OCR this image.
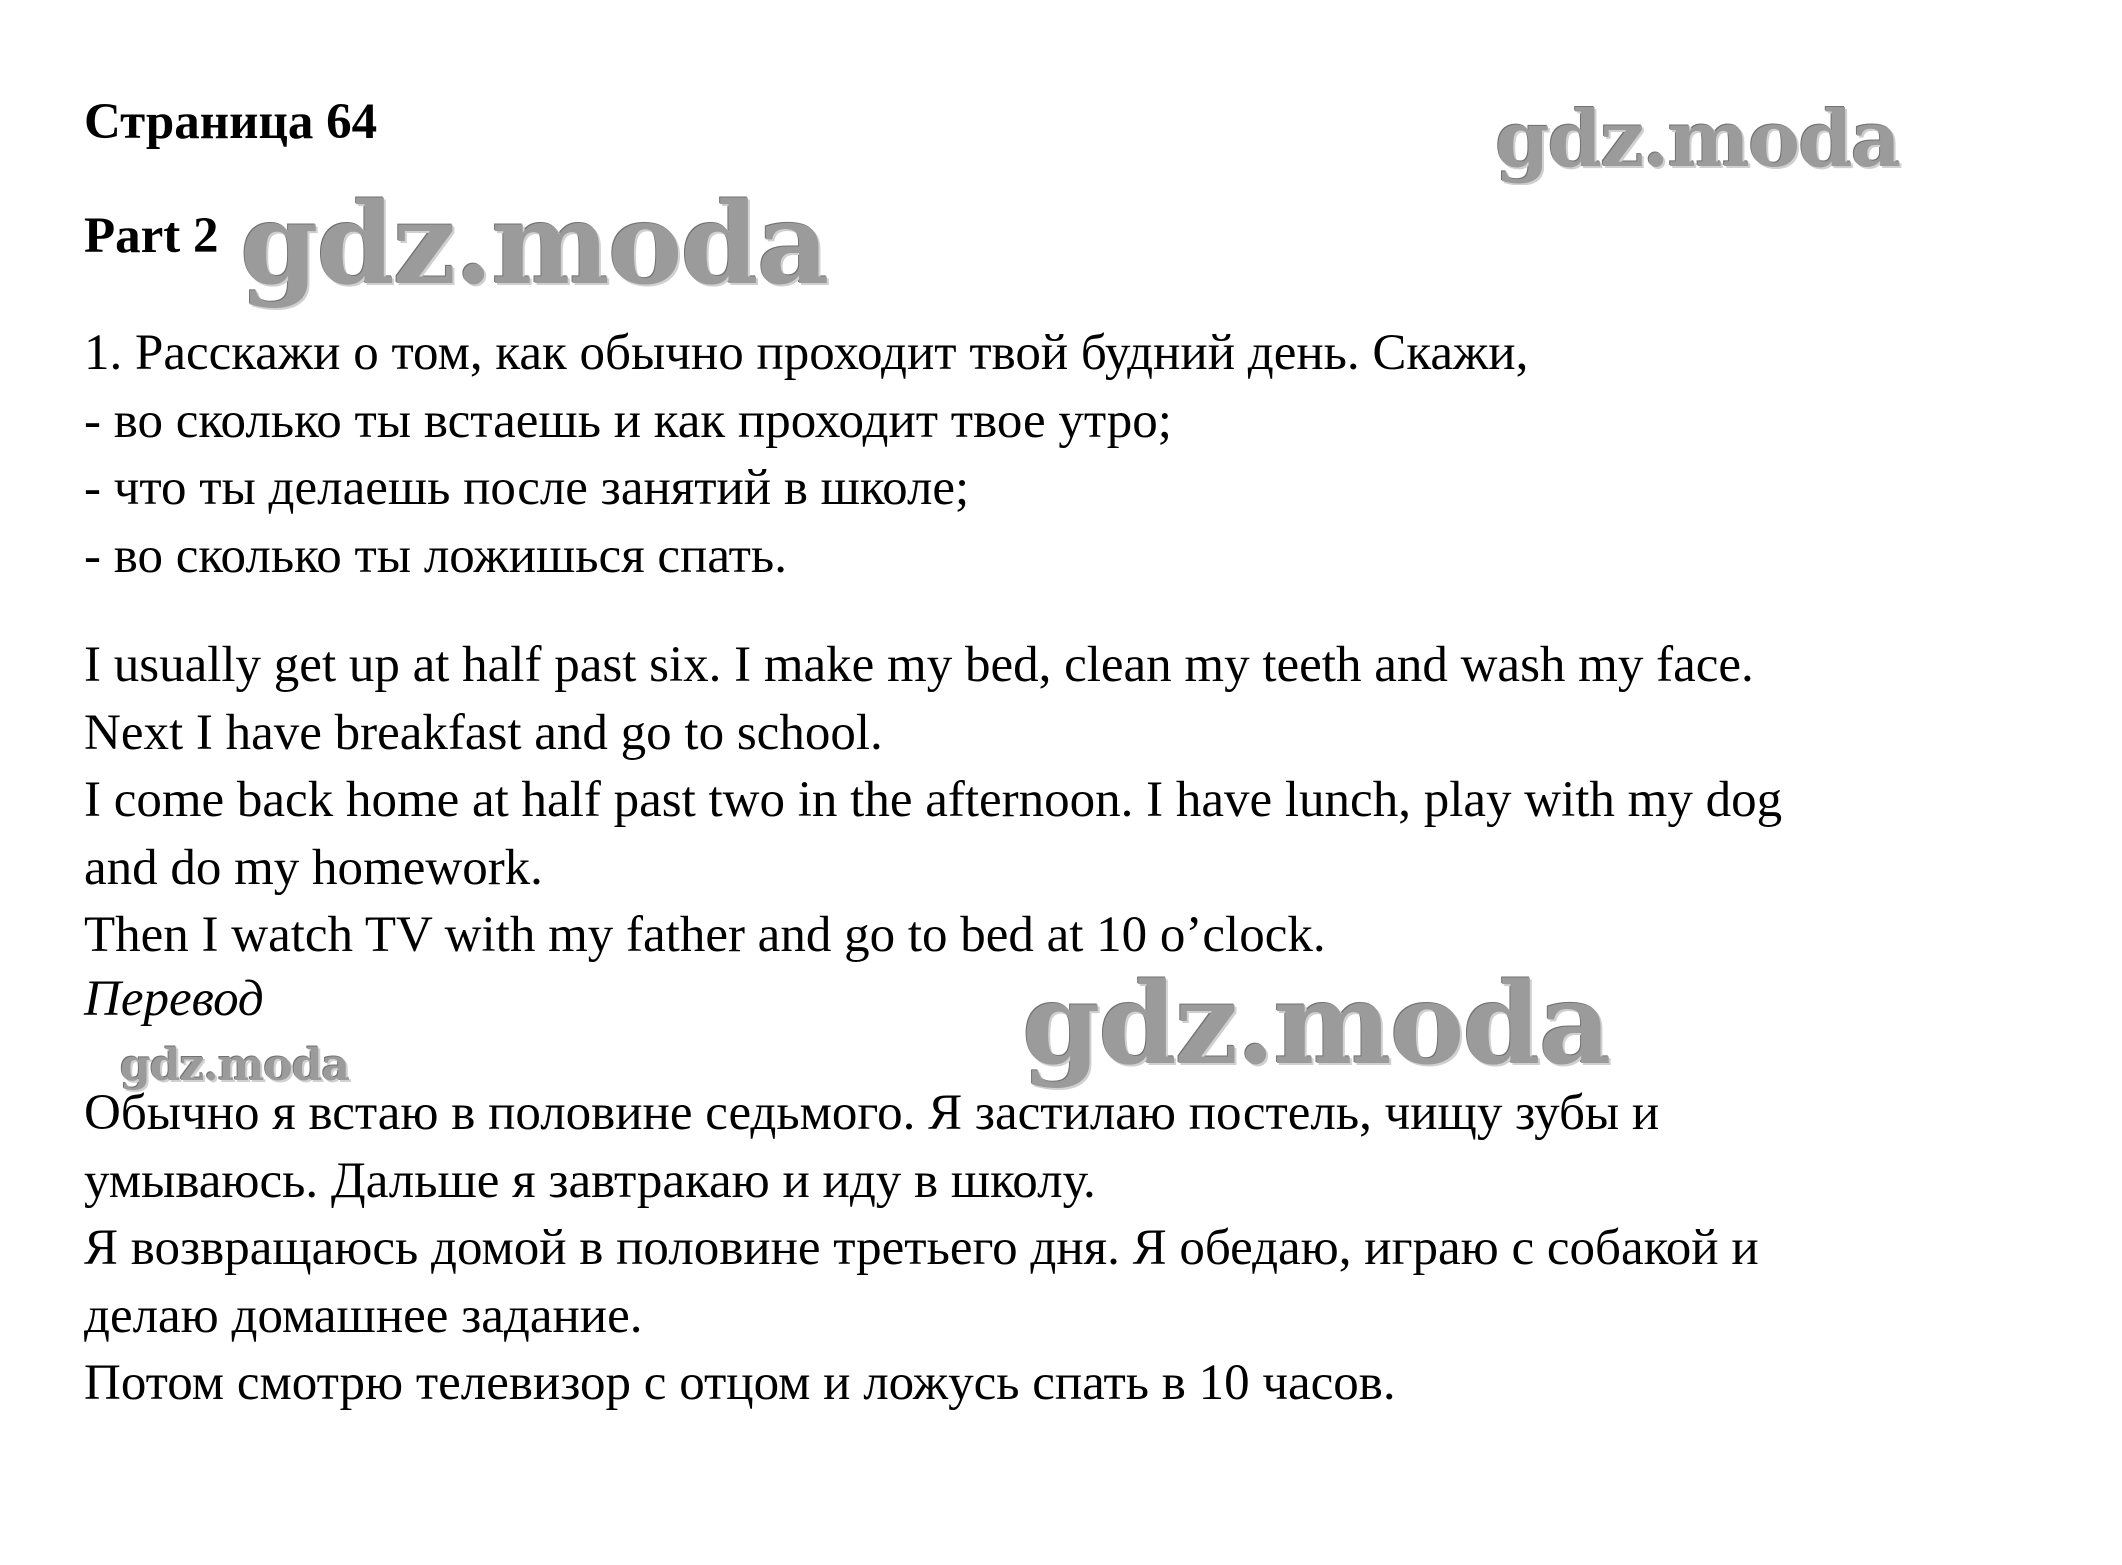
Страница 64
Part 2
1. Расскажи о том, как обычно проходит твой будний день. Скажи,
- во сколько ты встаешь и как проходит твое утро;
- что ты делаешь после занятий в школе;
- во сколько ты ложишься спать.
I usually get up at half past six. I make my bed, clean my teeth and wash my face.
Next I have breakfast and go to school.
I come back home at half past two in the afternoon. I have lunch, play with my dog
and do my homework.
Then I watch TV with my father and go to bed at 10 o’clock.
Перевод
Обычно я встаю в половине седьмого. Я застилаю постель, чищу зубы и
умываюсь. Дальше я завтракаю и иду в школу.
Я возвращаюсь домой в половине третьего дня. Я обедаю, играю с собакой и
делаю домашнее задание.
Потом смотрю телевизор с отцом и ложусь спать в 10 часов.
gdz.moda
gdz.moda
gdz.moda
gdz.moda
